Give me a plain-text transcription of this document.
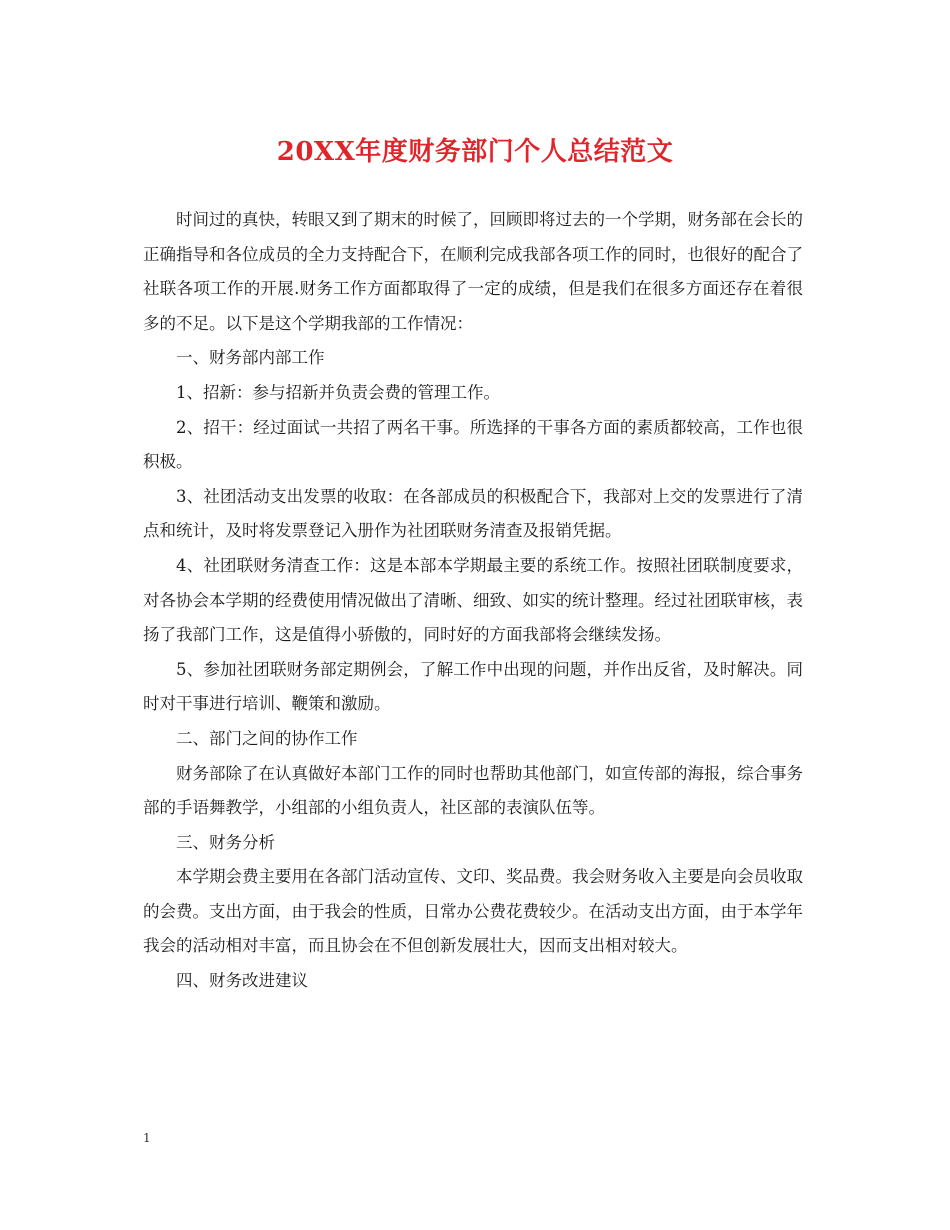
20XX年度财务部门个人总结范文

时间过的真快，转眼又到了期末的时候了，回顾即将过去的一个学期，财务部在会长的正确指导和各位成员的全力支持配合下，在顺利完成我部各项工作的同时，也很好的配合了社联各项工作的开展.财务工作方面都取得了一定的成绩，但是我们在很多方面还存在着很多的不足。以下是这个学期我部的工作情况：

一、财务部内部工作

1、招新：参与招新并负责会费的管理工作。

2、招干：经过面试一共招了两名干事。所选择的干事各方面的素质都较高，工作也很积极。

3、社团活动支出发票的收取：在各部成员的积极配合下，我部对上交的发票进行了清点和统计，及时将发票登记入册作为社团联财务清查及报销凭据。

4、社团联财务清查工作：这是本部本学期最主要的系统工作。按照社团联制度要求，对各协会本学期的经费使用情况做出了清晰、细致、如实的统计整理。经过社团联审核，表扬了我部门工作，这是值得小骄傲的，同时好的方面我部将会继续发扬。

5、参加社团联财务部定期例会，了解工作中出现的问题，并作出反省，及时解决。同时对干事进行培训、鞭策和激励。

二、部门之间的协作工作

财务部除了在认真做好本部门工作的同时也帮助其他部门，如宣传部的海报，综合事务部的手语舞教学，小组部的小组负责人，社区部的表演队伍等。

三、财务分析

本学期会费主要用在各部门活动宣传、文印、奖品费。我会财务收入主要是向会员收取的会费。支出方面，由于我会的性质，日常办公费花费较少。在活动支出方面，由于本学年我会的活动相对丰富，而且协会在不但创新发展壮大，因而支出相对较大。

四、财务改进建议

1
